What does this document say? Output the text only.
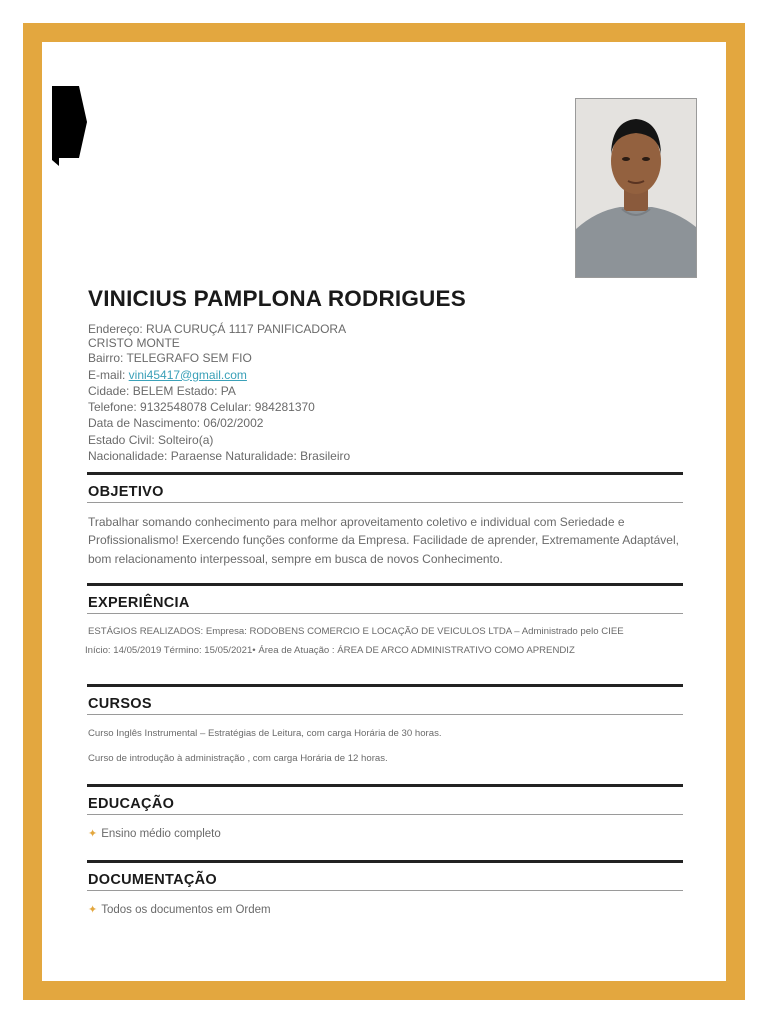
VINICIUS PAMPLONA RODRIGUES
Endereço: RUA CURUÇÁ 1117 PANIFICADORA
CRISTO MONTE
Bairro: TELEGRAFO SEM FIO
E-mail: vini45417@gmail.com
Cidade: BELEM Estado: PA
Telefone: 9132548078 Celular: 984281370
Data de Nascimento: 06/02/2002
Estado Civil: Solteiro(a)
Nacionalidade: Paraense Naturalidade: Brasileiro
OBJETIVO
Trabalhar somando conhecimento para melhor aproveitamento coletivo e individual com Seriedade e Profissionalismo! Exercendo funções conforme da Empresa. Facilidade de aprender, Extremamente Adaptável, bom relacionamento interpessoal, sempre em busca de novos Conhecimento.
EXPERIÊNCIA
ESTÁGIOS REALIZADOS: Empresa: RODOBENS COMERCIO E LOCAÇÃO DE VEICULOS LTDA – Administrado pelo CIEE
Início: 14/05/2019 Término: 15/05/2021• Área de Atuação : ÁREA DE ARCO ADMINISTRATIVO COMO APRENDIZ
CURSOS
Curso Inglês Instrumental – Estratégias de Leitura, com carga Horária de 30 horas.
Curso de introdução à administração , com carga Horária de 12 horas.
EDUCAÇÃO
✦ Ensino médio completo
DOCUMENTAÇÃO
✦ Todos os documentos em Ordem
